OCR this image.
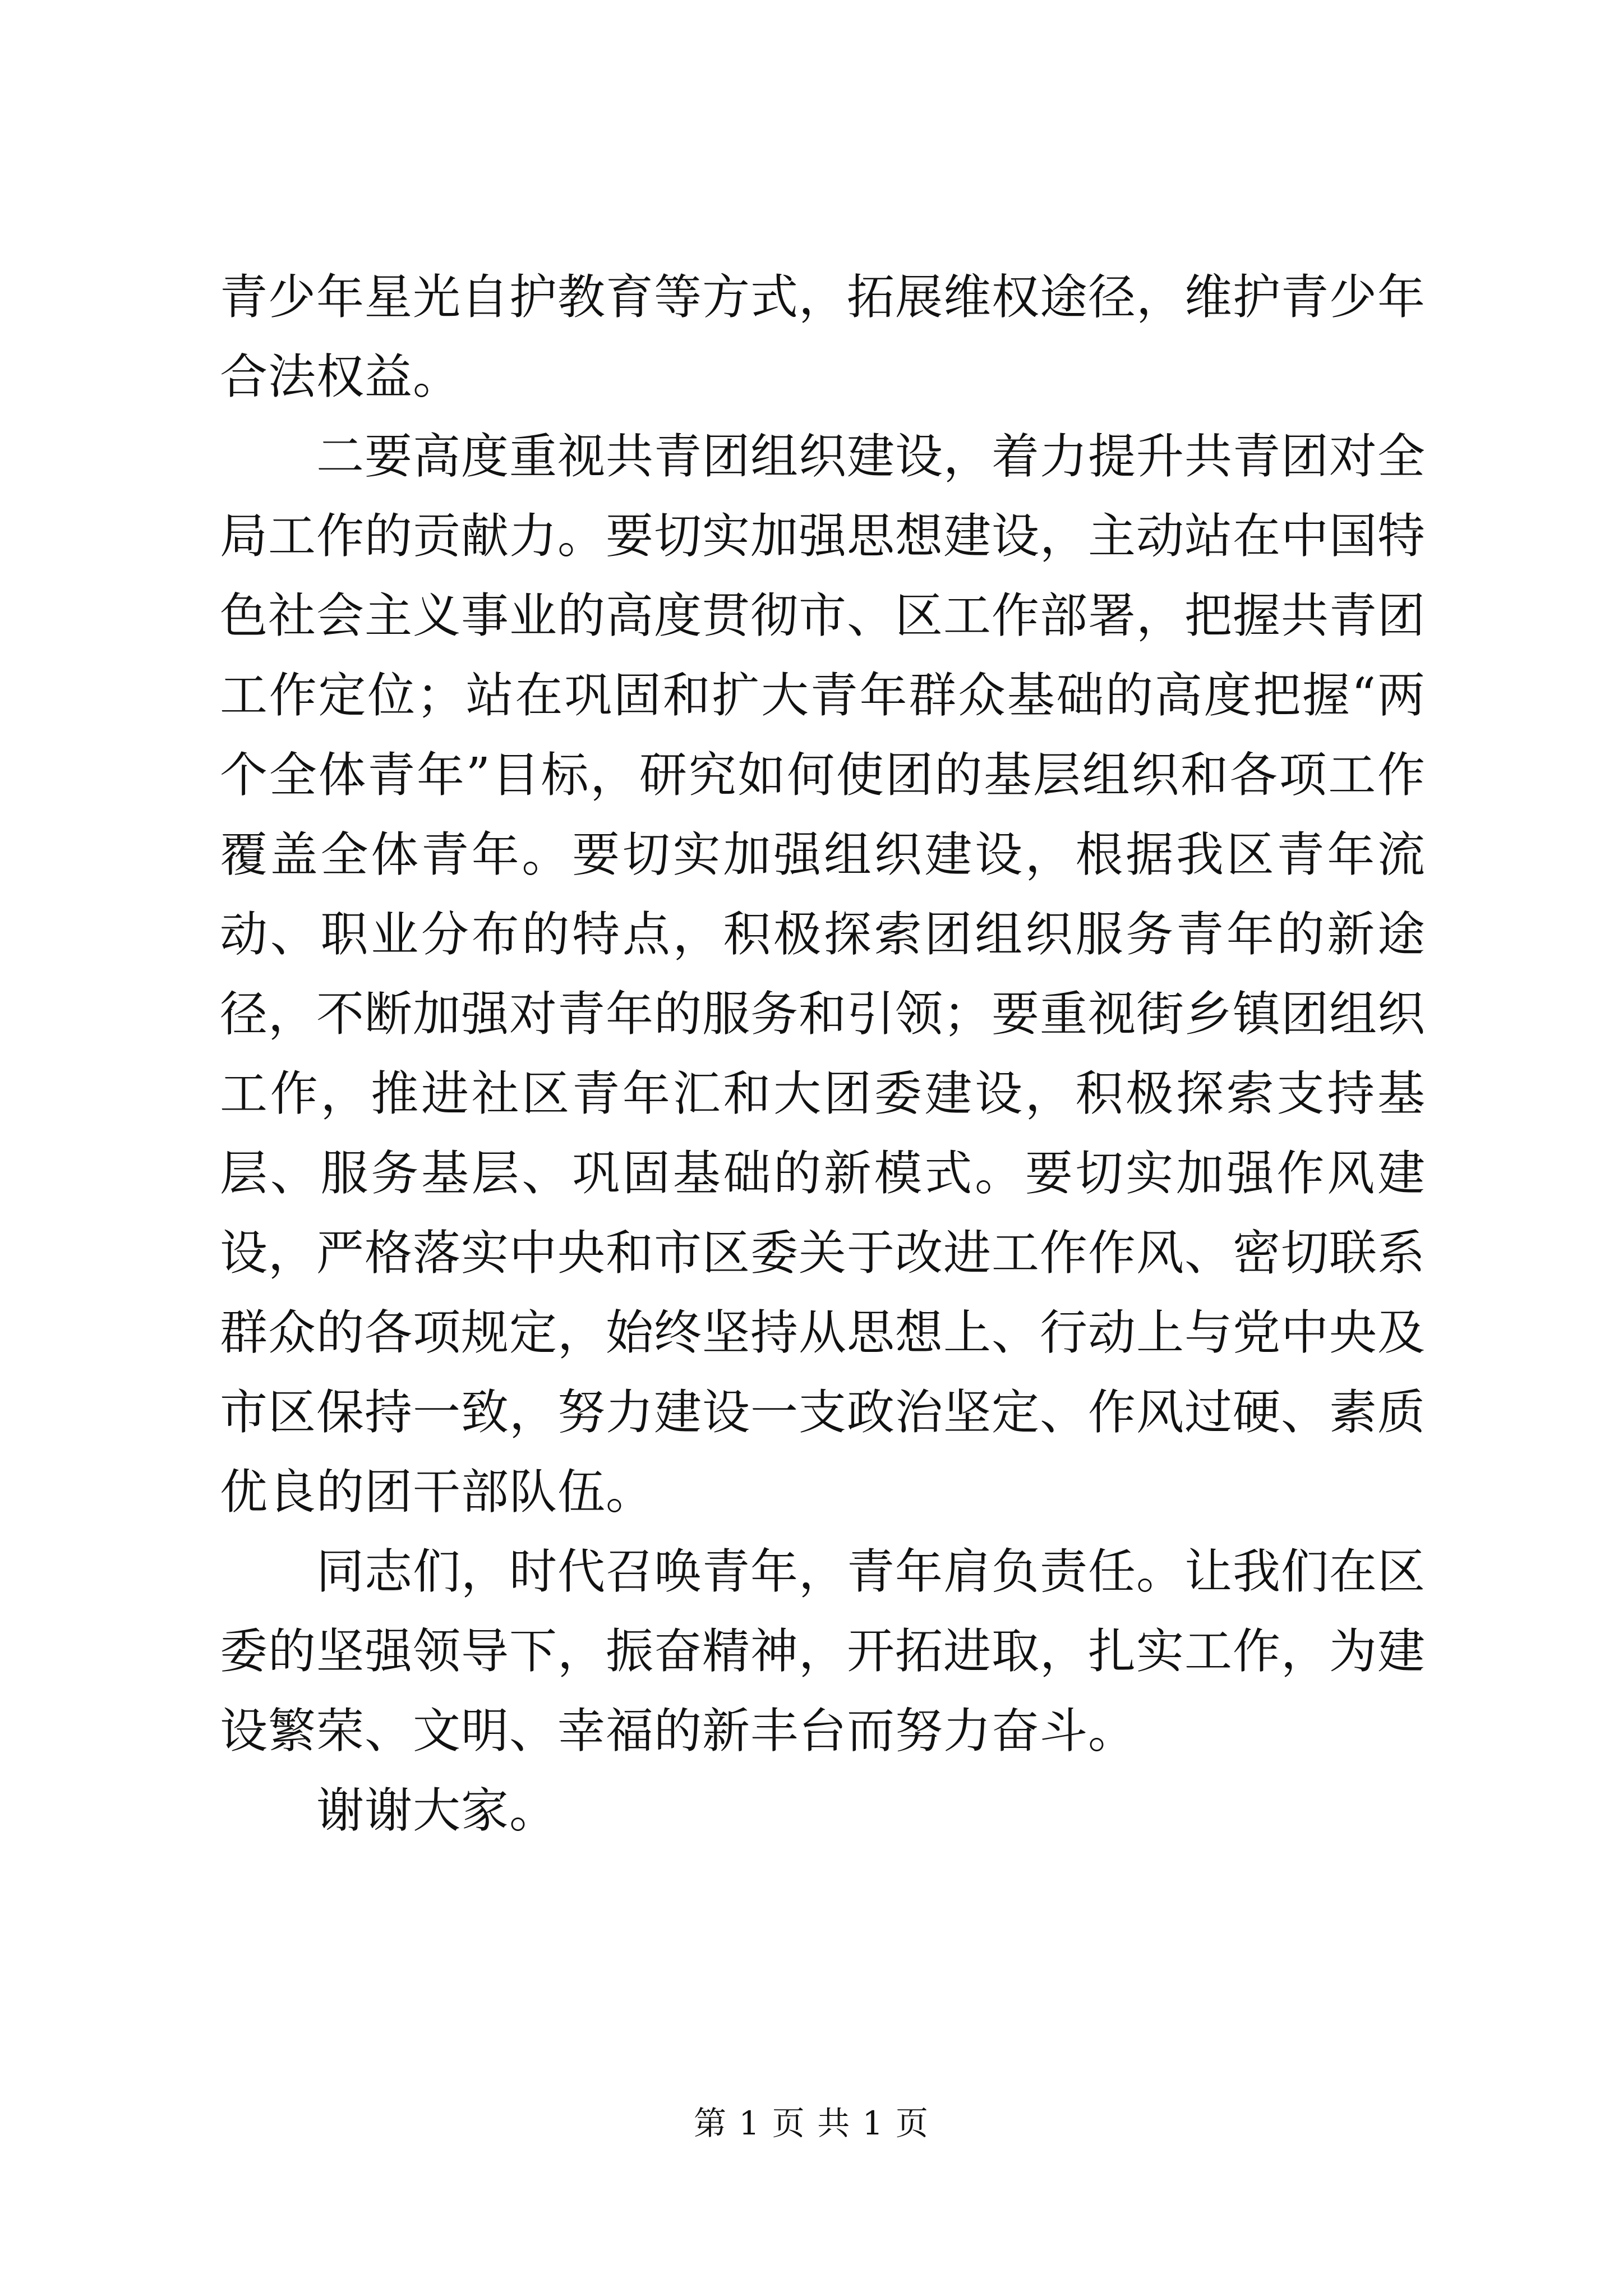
青少年星光自护教育等方式，拓展维权途径，维护青少年合法权益。

　　二要高度重视共青团组织建设，着力提升共青团对全局工作的贡献力。要切实加强思想建设，主动站在中国特色社会主义事业的高度贯彻市、区工作部署，把握共青团工作定位；站在巩固和扩大青年群众基础的高度把握“两个全体青年”目标，研究如何使团的基层组织和各项工作覆盖全体青年。要切实加强组织建设，根据我区青年流动、职业分布的特点，积极探索团组织服务青年的新途径，不断加强对青年的服务和引领；要重视街乡镇团组织工作，推进社区青年汇和大团委建设，积极探索支持基层、服务基层、巩固基础的新模式。要切实加强作风建设，严格落实中央和市区委关于改进工作作风、密切联系群众的各项规定，始终坚持从思想上、行动上与党中央及市区保持一致，努力建设一支政治坚定、作风过硬、素质优良的团干部队伍。

　　同志们，时代召唤青年，青年肩负责任。让我们在区委的坚强领导下，振奋精神，开拓进取，扎实工作，为建设繁荣、文明、幸福的新丰台而努力奋斗。

　　谢谢大家。

第 1 页 共 1 页
